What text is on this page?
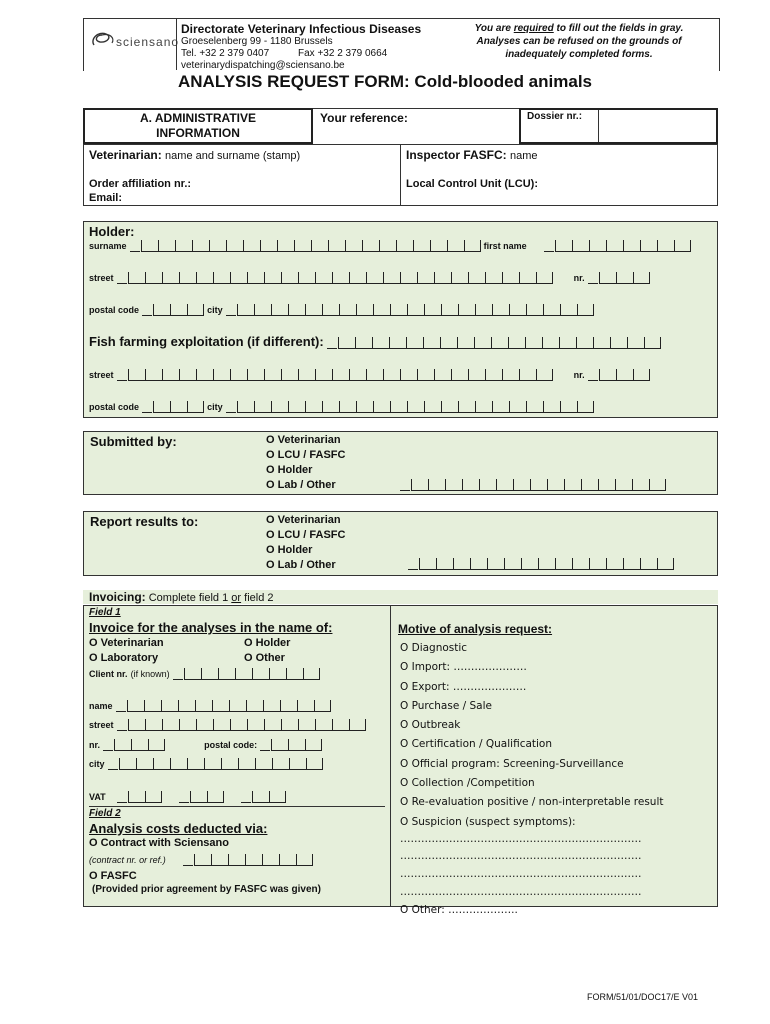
sciensano
Directorate Veterinary Infectious Diseases
Groeselenberg 99 - 1180 Brussels
Tel. +32 2 379 0407	Fax +32 2 379 0664
veterinarydispatching@sciensano.be
You are required to fill out the fields in gray.
Analyses can be refused on the grounds of
inadequately completed forms.
ANALYSIS REQUEST FORM: Cold-blooded animals
A. ADMINISTRATIVE
INFORMATION
Your reference:	Dossier nr.:
Veterinarian: name and surname (stamp)
Order affiliation nr.:
Email:
Inspector FASFC: name
Local Control Unit (LCU):
Holder:
surname	first name
street	nr.
postal code	city
Fish farming exploitation (if different):
street	nr.
postal code	city
Submitted by:	O Veterinarian
O LCU / FASFC
O Holder
O Lab / Other
Report results to:	O Veterinarian
O LCU / FASFC
O Holder
O Lab / Other
Invoicing: Complete field 1 or field 2
Field 1
Invoice for the analyses in the name of:
O Veterinarian	O Holder
O Laboratory	O Other
Client nr. (if known)
name
street
nr.	postal code:
city
VAT

Field 2
Analysis costs deducted via:
O Contract with Sciensano
(contract nr. or ref.)
O FASFC
(Provided prior agreement by FASFC was given)
Motive of analysis request:
O Diagnostic
O Import: …………………
O Export: …………………
O Purchase / Sale
O Outbreak
O Certification / Qualification
O Official program: Screening-Surveillance
O Collection /Competition
O Re-evaluation positive / non-interpretable result
O Suspicion (suspect symptoms):
……………………………………………………………
……………………………………………………………
……………………………………………………………
……………………………………………………………
O Other: ………………..
FORM/51/01/DOC17/E V01
